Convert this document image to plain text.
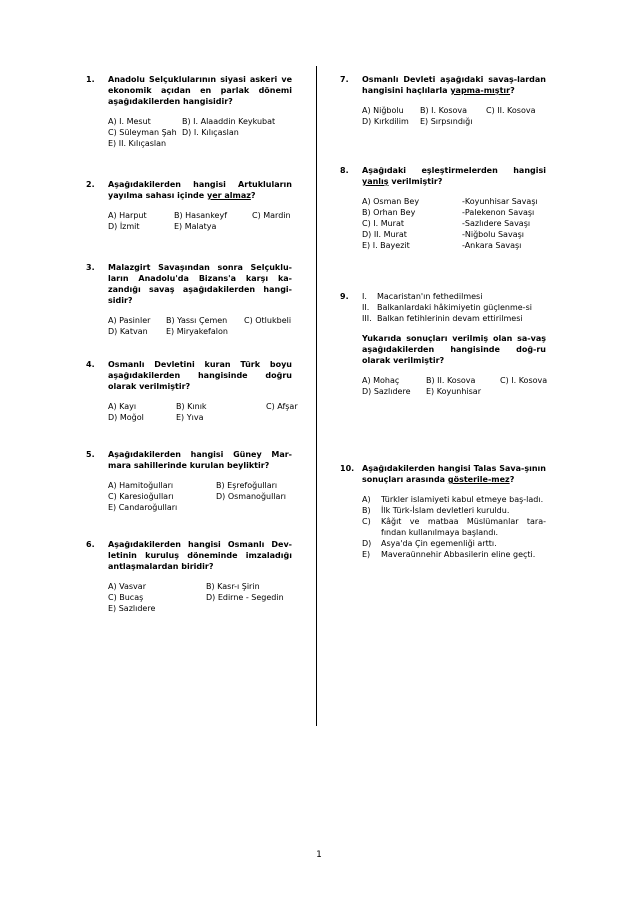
1. Anadolu Selçuklularının siyasi askeri ve ekonomik açıdan en parlak dönemi aşağıdakilerden hangisidir?
A) I. Mesut	B) I. Alaaddin Keykubat
C) Süleyman Şah D) I. Kılıçaslan
E) II. Kılıçaslan
2. Aşağıdakilerden hangisi Artukluların yayılma sahası içinde yer almaz?
A) Harput	B) Hasankeyf	C) Mardin
D) İzmit	E) Malatya
3. Malazgirt Savaşından sonra Selçuklu-ların Anadolu'da Bizans'a karşı ka-zandığı savaş aşağıdakilerden hangi-sidir?
A) Pasinler	B) Yassı Çemen	C) Otlukbeli
D) Katvan	E) Miryakefalon
4. Osmanlı Devletini kuran Türk boyu aşağıdakilerden hangisinde doğru olarak verilmiştir?
A) Kayı	B) Kınık	C) Afşar
D) Moğol	E) Yıva
5. Aşağıdakilerden hangisi Güney Mar-mara sahillerinde kurulan beyliktir?
A) Hamitoğulları	B) Eşrefoğulları
C) Karesioğulları	D) Osmanoğulları
E) Candaroğulları
6. Aşağıdakilerden hangisi Osmanlı Dev-letinin kuruluş döneminde imzaladığı antlaşmalardan biridir?
A) Vasvar	B) Kasr-ı Şirin
C) Bucaş	D) Edirne - Segedin
E) Sazlıdere
7. Osmanlı Devleti aşağıdaki savaş-lardan hangisini haçlılarla yapma-mıştır?
A) Niğbolu	B) I. Kosova	C) II. Kosova
D) Kırkdilim	E) Sırpsındığı
8. Aşağıdaki eşleştirmelerden hangisi yanlış verilmiştir?
A) Osman Bey	-Koyunhisar Savaşı
B) Orhan Bey	-Palekenon Savaşı
C) I. Murat	-Sazlıdere Savaşı
D) II. Murat	-Niğbolu Savaşı
E) I. Bayezit	-Ankara Savaşı
9. I.	Macaristan'ın fethedilmesi
II. Balkanlardaki hâkimiyetin güçlenme-si
III. Balkan fetihlerinin devam ettirilmesi
Yukarıda sonuçları verilmiş olan sa-vaş aşağıdakilerden hangisinde doğ-ru olarak verilmiştir?
A) Mohaç	B) II. Kosova	C) I. Kosova
D) Sazlıdere	E) Koyunhisar
10. Aşağıdakilerden hangisi Talas Sava-şının sonuçları arasında gösterile-mez?
A)	Türkler islamiyeti kabul etmeye baş-ladı.
B)	İlk Türk-İslam devletleri kuruldu.
C)	Kâğıt ve matbaa Müslümanlar tara-fından kullanılmaya başlandı.
D)	Asya'da Çin egemenliği arttı.
E)	Maveraünnehir Abbasilerin eline geçti.
1
